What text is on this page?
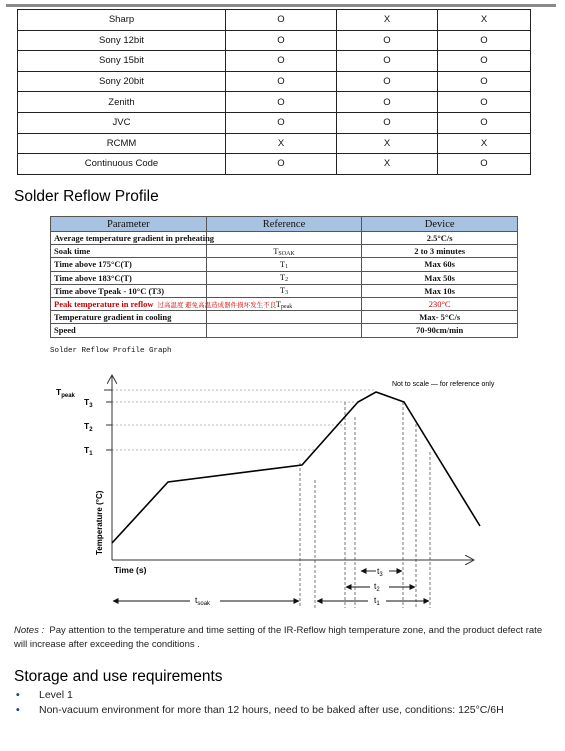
Sharp	O	X	X
Sony 12bit	O	O	O
Sony 15bit	O	O	O
Sony 20bit	O	O	O
Zenith	O	O	O
JVC	O	O	O
RCMM	X	X	X
Continuous Code	O	X	O
Solder Reflow Profile
Parameter	Reference	Device
Average temperature gradient in preheating		2.5°C/s
Soak time	TSOAK	2 to 3 minutes
Time above 175°C(T)	T1	Max 60s
Time above 183°C(T)	T2	Max 50s
Time above Tpeak - 10°C (T3)	T3	Max 10s
Peak temperature in reflow 过高温度 避免高温造成器件损坏发生不良	Tpeak	230°C
Temperature gradient in cooling		Max- 5°C/s
Speed		70-90cm/min
Solder Reflow Profile Graph
Not to scale — for reference only
Temperature (°C)
Time (s)
$T_{peak}$
$T_3$
$T_2$
$T_1$
$t_3$
$t_2$
$t_1$
$t_{soak}$

Notes : Pay attention to the temperature and time setting of the IR-Reflow high temperature zone, and the product defect rate will increase after exceeding the conditions .

Storage and use requirements
• Level 1
• Non-vacuum environment for more than 12 hours, need to be baked after use, conditions: 125°C/6H
